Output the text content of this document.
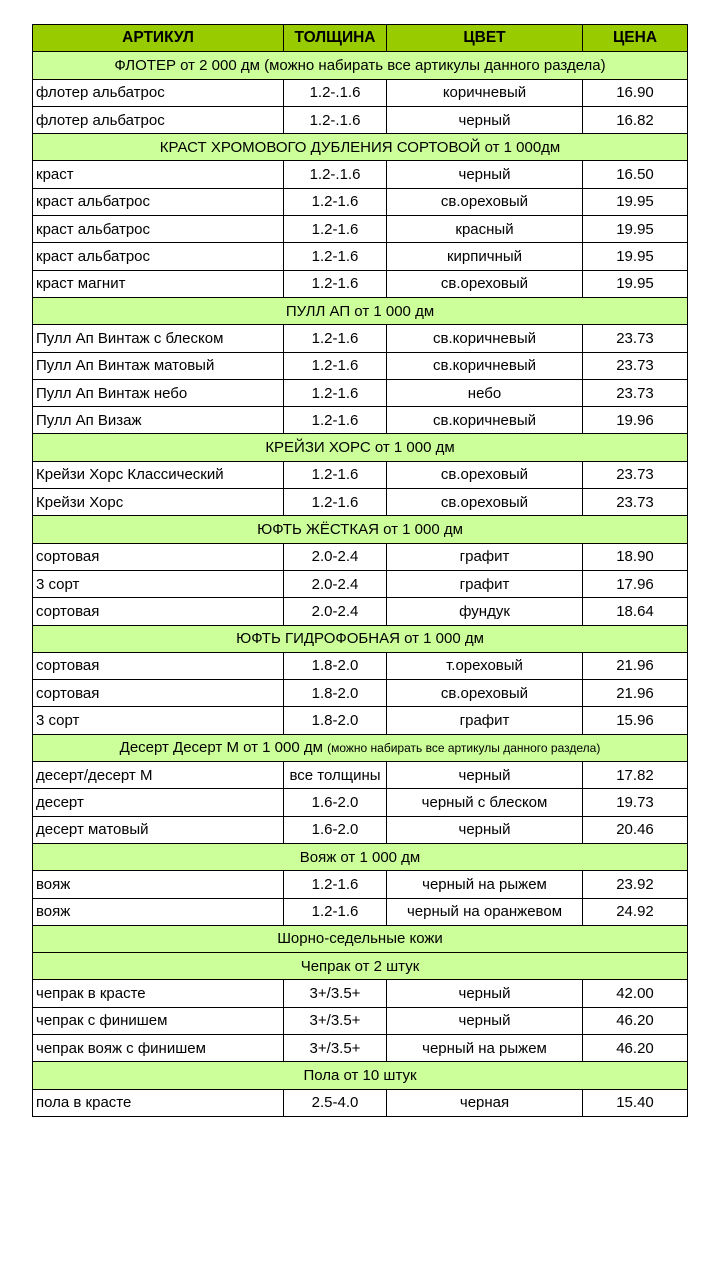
АРТИКУЛ	ТОЛЩИНА	ЦВЕТ	ЦЕНА
ФЛОТЕР от 2 000 дм (можно набирать все артикулы данного раздела)			
флотер альбатрос	1.2-.1.6	коричневый	16.90
флотер альбатрос	1.2-.1.6	черный	16.82
КРАСТ ХРОМОВОГО ДУБЛЕНИЯ СОРТОВОЙ от 1 000дм			
краст	1.2-.1.6	черный	16.50
краст альбатрос	1.2-1.6	св.ореховый	19.95
краст альбатрос	1.2-1.6	красный	19.95
краст альбатрос	1.2-1.6	кирпичный	19.95
краст магнит	1.2-1.6	св.ореховый	19.95
ПУЛЛ АП от 1 000 дм			
Пулл Ап Винтаж с блеском	1.2-1.6	св.коричневый	23.73
Пулл Ап Винтаж матовый	1.2-1.6	св.коричневый	23.73
Пулл Ап Винтаж небо	1.2-1.6	небо	23.73
Пулл Ап Визаж	1.2-1.6	св.коричневый	19.96
КРЕЙЗИ ХОРС от 1 000 дм			
Крейзи Хорс Классический	1.2-1.6	св.ореховый	23.73
Крейзи Хорс	1.2-1.6	св.ореховый	23.73
ЮФТЬ ЖЁСТКАЯ от 1 000 дм			
сортовая	2.0-2.4	графит	18.90
3 сорт	2.0-2.4	графит	17.96
сортовая	2.0-2.4	фундук	18.64
ЮФТЬ ГИДРОФОБНАЯ от 1 000 дм			
сортовая	1.8-2.0	т.ореховый	21.96
сортовая	1.8-2.0	св.ореховый	21.96
3 сорт	1.8-2.0	графит	15.96
Десерт Десерт М от 1 000 дм (можно набирать все артикулы данного раздела)			
десерт/десерт М	все толщины	черный	17.82
десерт	1.6-2.0	черный с блеском	19.73
десерт матовый	1.6-2.0	черный	20.46
Вояж от 1 000 дм			
вояж	1.2-1.6	черный на рыжем	23.92
вояж	1.2-1.6	черный на оранжевом	24.92
Шорно-седельные кожи			
Чепрак от 2 штук			
чепрак в красте	3+/3.5+	черный	42.00
чепрак с финишем	3+/3.5+	черный	46.20
чепрак вояж с финишем	3+/3.5+	черный на рыжем	46.20
Пола от 10 штук			
пола в красте	2.5-4.0	черная	15.40
